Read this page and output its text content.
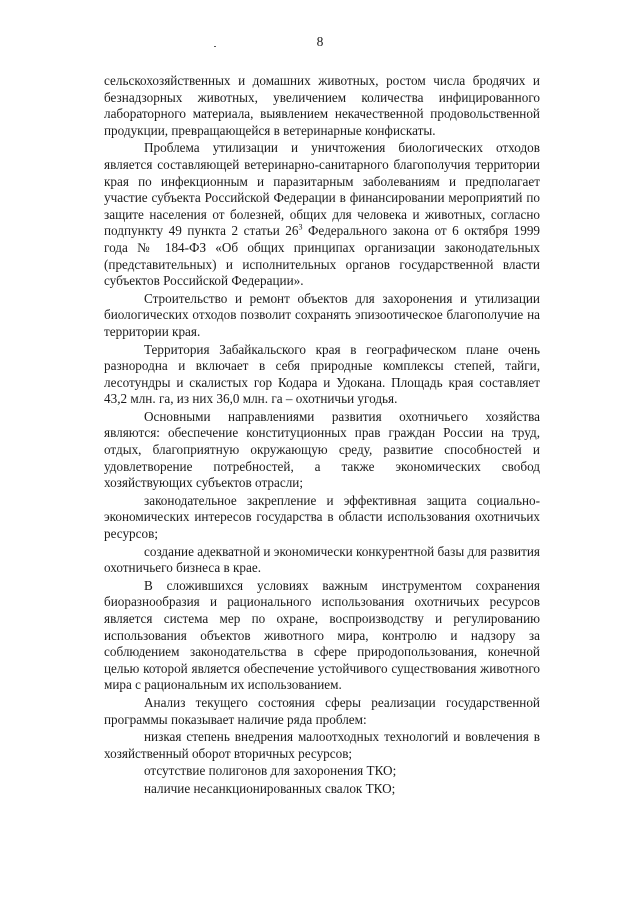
8

сельскохозяйственных и домашних животных, ростом числа бродячих и безнадзорных животных, увеличением количества инфицированного лабораторного материала, выявлением некачественной продовольственной продукции, превращающейся в ветеринарные конфискаты.

Проблема утилизации и уничтожения биологических отходов является составляющей ветеринарно-санитарного благополучия территории края по инфекционным и паразитарным заболеваниям и предполагает участие субъекта Российской Федерации в финансировании мероприятий по защите населения от болезней, общих для человека и животных, согласно подпункту 49 пункта 2 статьи $26^3$ Федерального закона от 6 октября 1999 года № 184-ФЗ «Об общих принципах организации законодательных (представительных) и исполнительных органов государственной власти субъектов Российской Федерации».

Строительство и ремонт объектов для захоронения и утилизации биологических отходов позволит сохранять эпизоотическое благополучие на территории края.

Территория Забайкальского края в географическом плане очень разнородна и включает в себя природные комплексы степей, тайги, лесотундры и скалистых гор Кодара и Удокана. Площадь края составляет 43,2 млн. га, из них 36,0 млн. га – охотничьи угодья.

Основными направлениями развития охотничьего хозяйства являются: обеспечение конституционных прав граждан России на труд, отдых, благоприятную окружающую среду, развитие способностей и удовлетворение потребностей, а также экономических свобод хозяйствующих субъектов отрасли;

законодательное закрепление и эффективная защита социально-экономических интересов государства в области использования охотничьих ресурсов;

создание адекватной и экономически конкурентной базы для развития охотничьего бизнеса в крае.

В сложившихся условиях важным инструментом сохранения биоразнообразия и рационального использования охотничьих ресурсов является система мер по охране, воспроизводству и регулированию использования объектов животного мира, контролю и надзору за соблюдением законодательства в сфере природопользования, конечной целью которой является обеспечение устойчивого существования животного мира с рациональным их использованием.

Анализ текущего состояния сферы реализации государственной программы показывает наличие ряда проблем:

низкая степень внедрения малоотходных технологий и вовлечения в хозяйственный оборот вторичных ресурсов;

отсутствие полигонов для захоронения ТКО;

наличие несанкционированных свалок ТКО;
